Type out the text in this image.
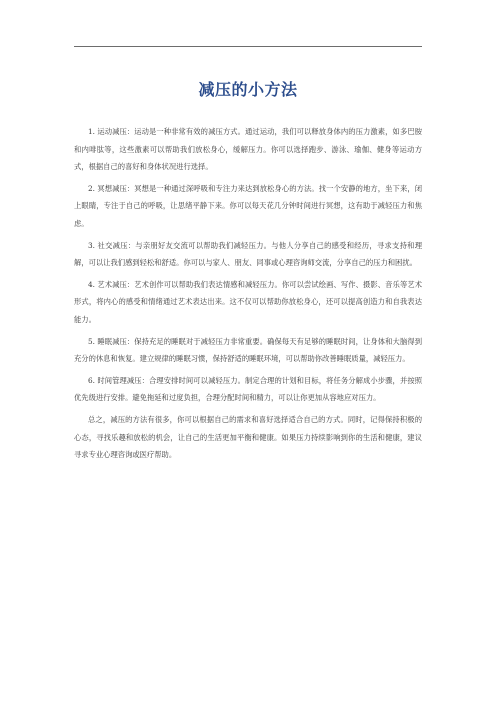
减压的小方法

1. 运动减压：运动是一种非常有效的减压方式。通过运动，我们可以释放身体内的压力激素，如多巴胺和内啡肽等，这些激素可以帮助我们放松身心，缓解压力。你可以选择跑步、游泳、瑜伽、健身等运动方式，根据自己的喜好和身体状况进行选择。

2. 冥想减压：冥想是一种通过深呼吸和专注力来达到放松身心的方法。找一个安静的地方，坐下来，闭上眼睛，专注于自己的呼吸，让思绪平静下来。你可以每天花几分钟时间进行冥想，这有助于减轻压力和焦虑。

3. 社交减压：与亲朋好友交流可以帮助我们减轻压力。与他人分享自己的感受和经历，寻求支持和理解，可以让我们感到轻松和舒适。你可以与家人、朋友、同事或心理咨询师交流，分享自己的压力和困扰。

4. 艺术减压：艺术创作可以帮助我们表达情感和减轻压力。你可以尝试绘画、写作、摄影、音乐等艺术形式，将内心的感受和情绪通过艺术表达出来。这不仅可以帮助你放松身心，还可以提高创造力和自我表达能力。

5. 睡眠减压：保持充足的睡眠对于减轻压力非常重要。确保每天有足够的睡眠时间，让身体和大脑得到充分的休息和恢复。建立规律的睡眠习惯，保持舒适的睡眠环境，可以帮助你改善睡眠质量，减轻压力。

6. 时间管理减压：合理安排时间可以减轻压力。制定合理的计划和目标，将任务分解成小步骤，并按照优先级进行安排。避免拖延和过度负担，合理分配时间和精力，可以让你更加从容地应对压力。

总之，减压的方法有很多，你可以根据自己的需求和喜好选择适合自己的方式。同时，记得保持积极的心态，寻找乐趣和放松的机会，让自己的生活更加平衡和健康。如果压力持续影响到你的生活和健康，建议寻求专业心理咨询或医疗帮助。
